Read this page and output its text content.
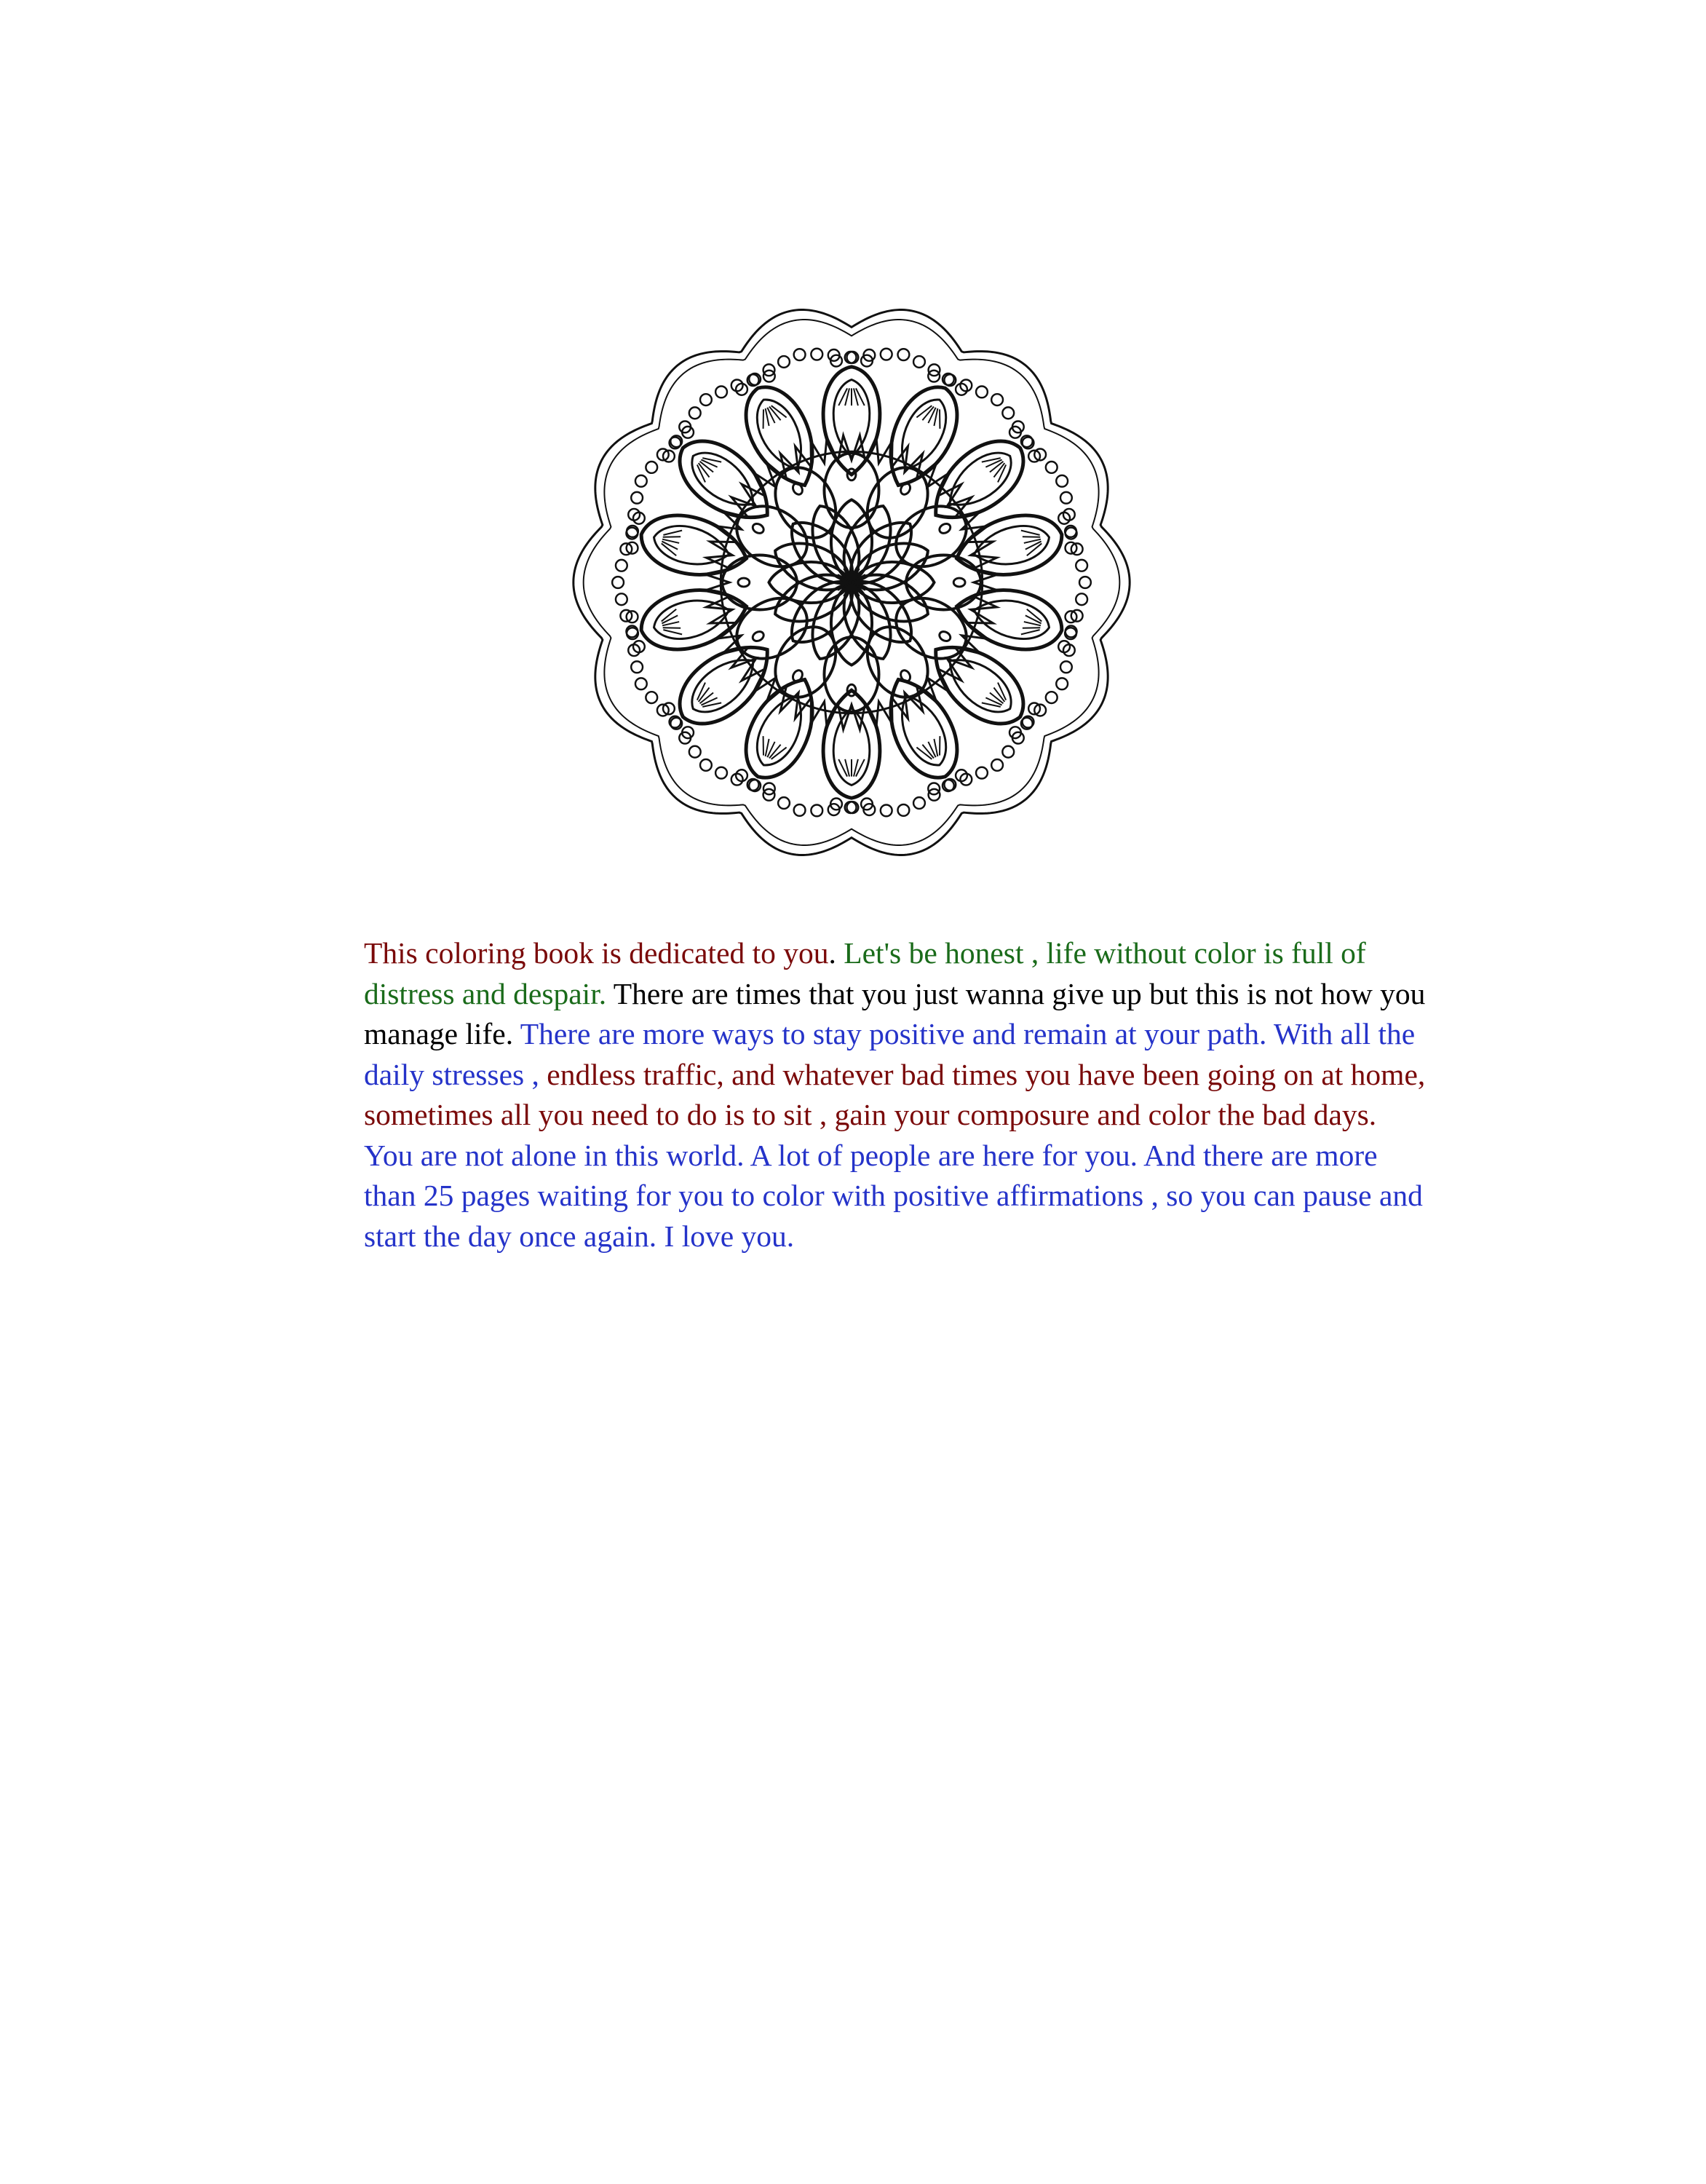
This coloring book is dedicated to you. Let's be honest , life without color is full of distress and despair. There are times that you just wanna give up but this is not how you manage life. There are more ways to stay positive and remain at your path. With all the daily stresses , endless traffic, and whatever bad times you have been going on at home, sometimes all you need to do is to sit , gain your composure and color the bad days. You are not alone in this world. A lot of people are here for you. And there are more than 25 pages waiting for you to color with positive affirmations , so you can pause and start the day once again. I love you.
